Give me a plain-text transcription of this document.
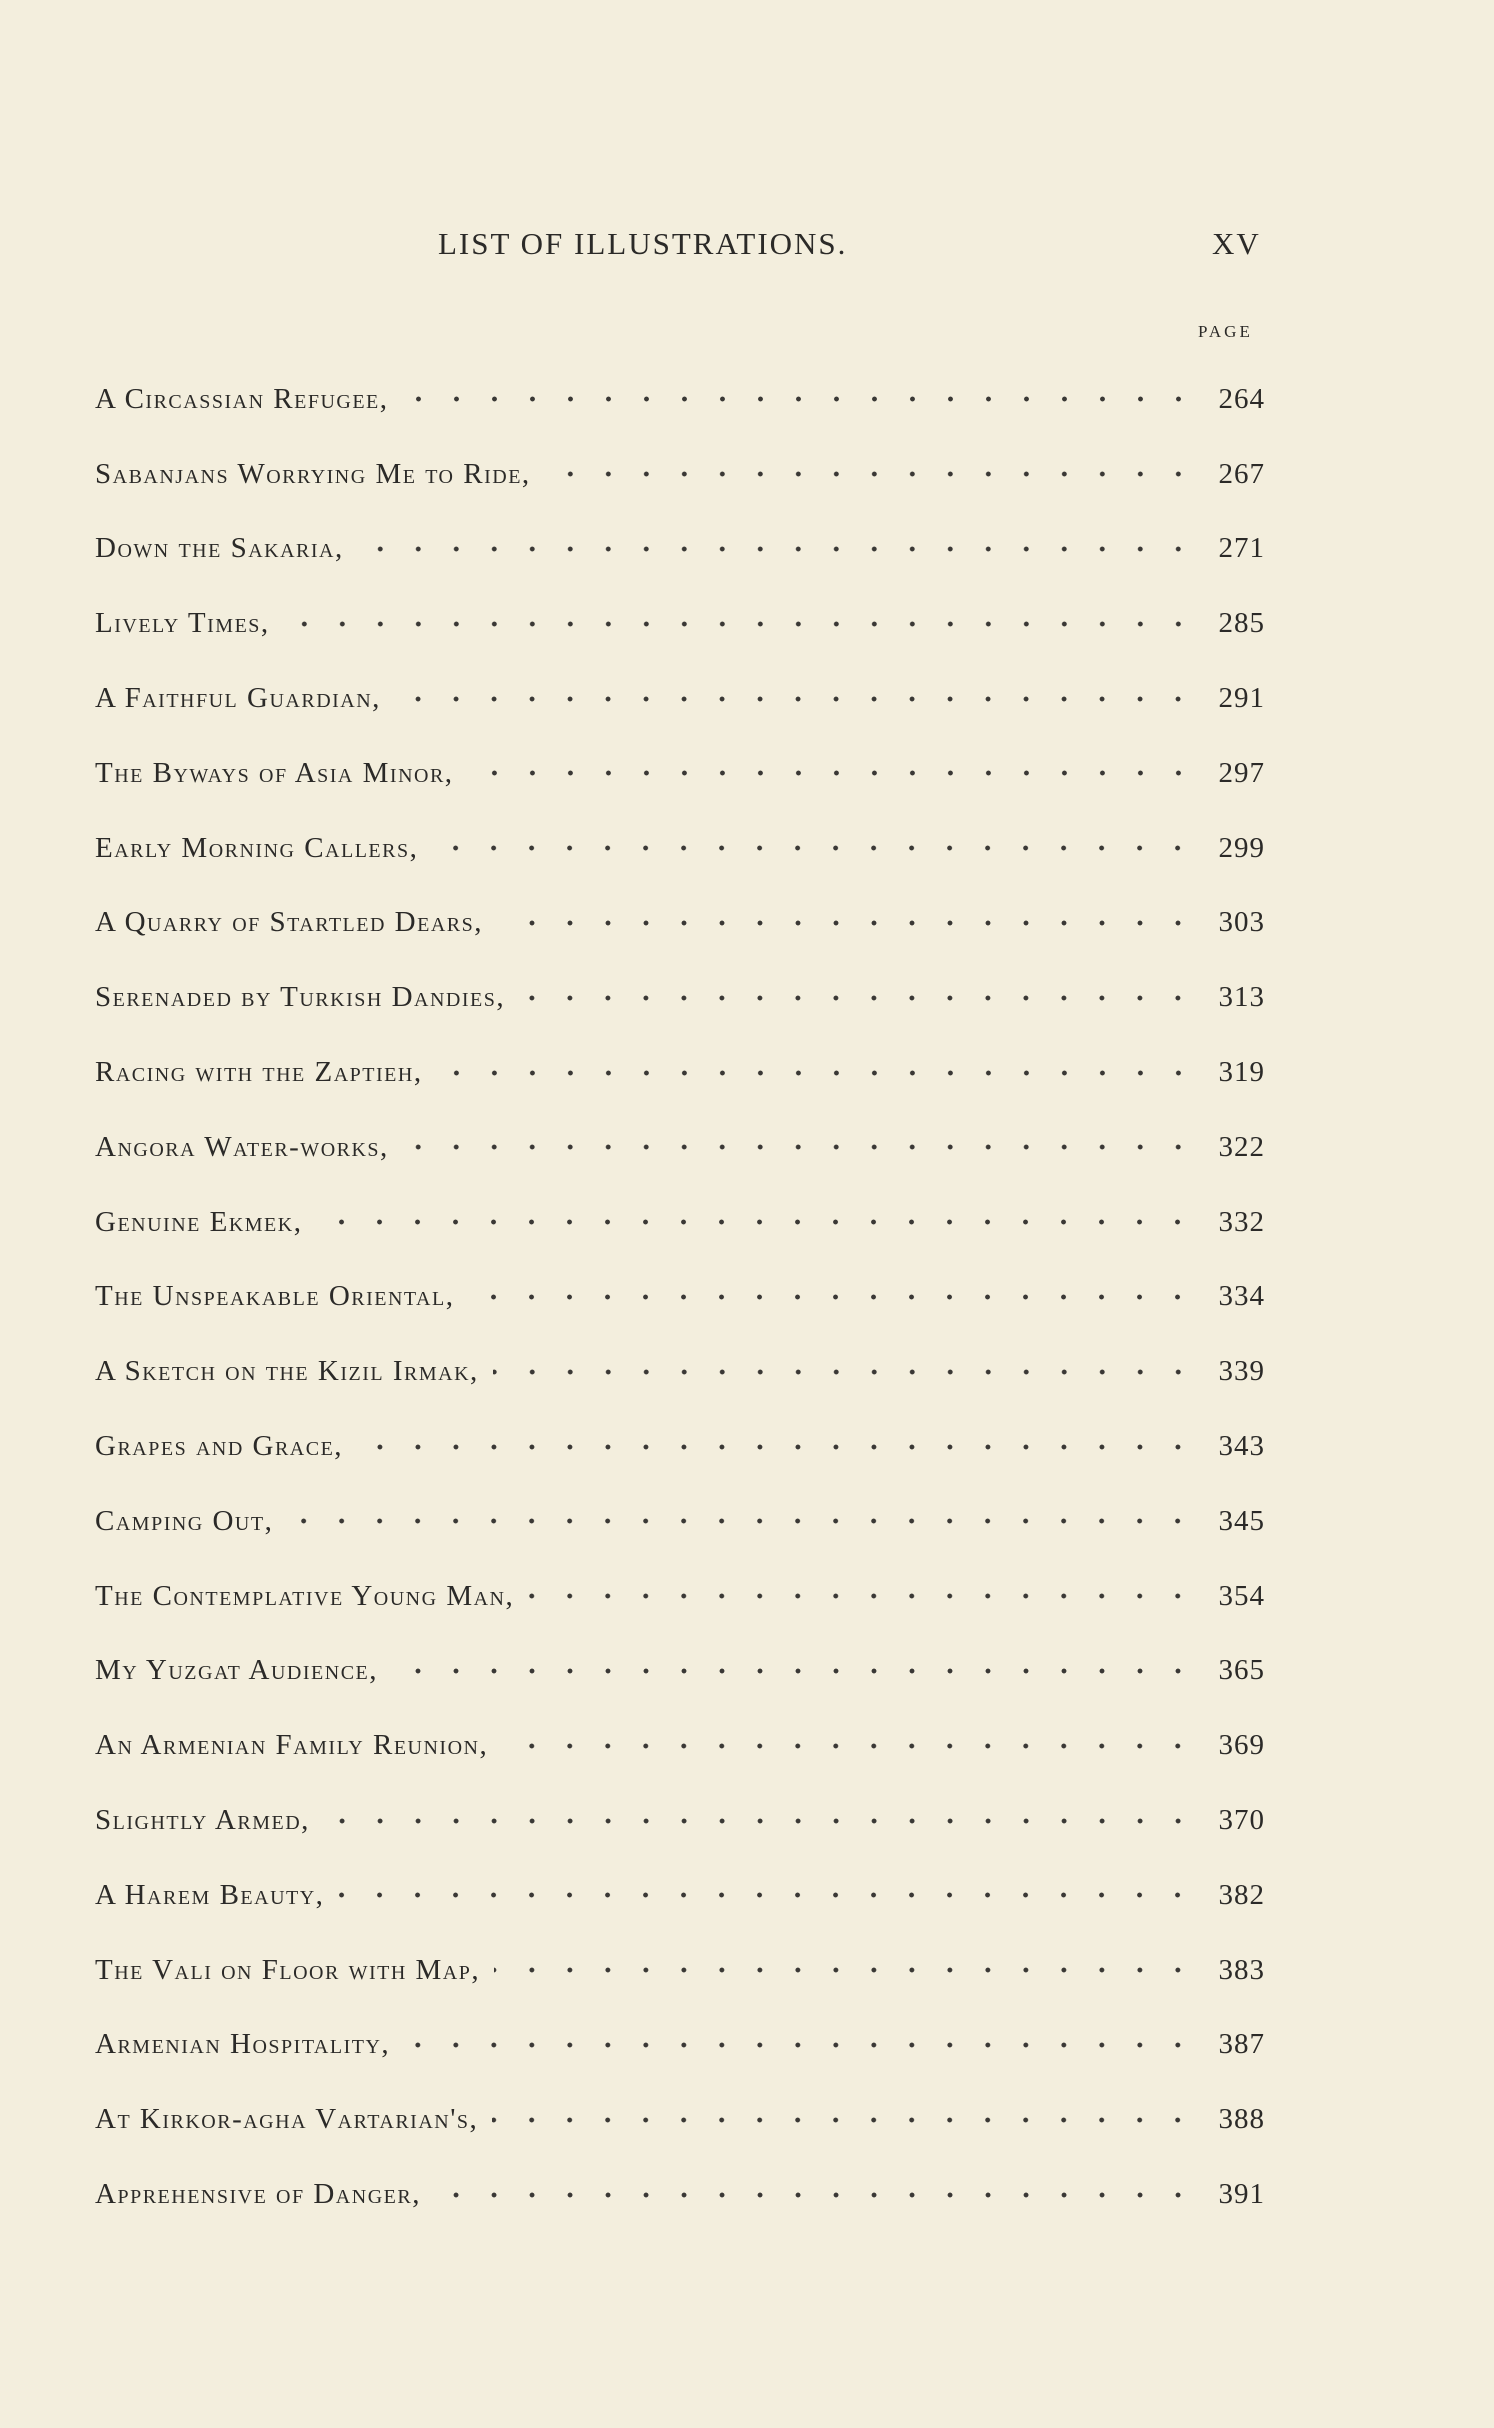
LIST OF ILLUSTRATIONS.	XV
PAGE
A Circassian Refugee,	264
Sabanjans Worrying Me to Ride,	267
Down the Sakaria,	271
Lively Times,	285
A Faithful Guardian,	291
The Byways of Asia Minor,	297
Early Morning Callers,	299
A Quarry of Startled Dears,	303
Serenaded by Turkish Dandies,	313
Racing with the Zaptieh,	319
Angora Water-works,	322
Genuine Ekmek,	332
The Unspeakable Oriental,	334
A Sketch on the Kizil Irmak,	339
Grapes and Grace,	343
Camping Out,	345
The Contemplative Young Man,	354
My Yuzgat Audience,	365
An Armenian Family Reunion,	369
Slightly Armed,	370
A Harem Beauty,	382
The Vali on Floor with Map,	383
Armenian Hospitality,	387
At Kirkor-agha Vartarian's,	388
Apprehensive of Danger,	391
